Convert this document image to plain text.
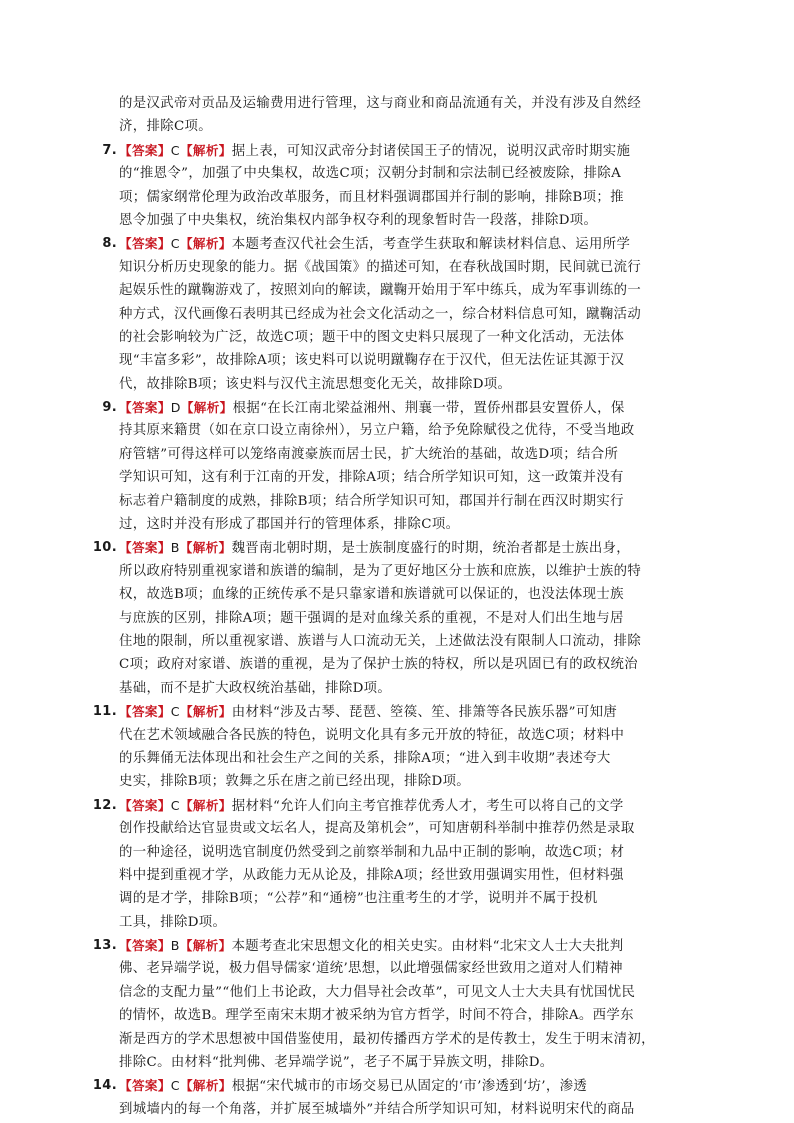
的是汉武帝对贡品及运输费用进行管理，这与商业和商品流通有关，并没有涉及自然经
济，排除C项。
7. 【答案】C【解析】据上表，可知汉武帝分封诸侯国王子的情况，说明汉武帝时期实施
的“推恩令”，加强了中央集权，故选C项；汉朝分封制和宗法制已经被废除，排除A
项；儒家纲常伦理为政治改革服务，而且材料强调郡国并行制的影响，排除B项；推
恩令加强了中央集权，统治集权内部争权夺利的现象暂时告一段落，排除D项。
8. 【答案】C【解析】本题考查汉代社会生活，考查学生获取和解读材料信息、运用所学
知识分析历史现象的能力。据《战国策》的描述可知，在春秋战国时期，民间就已流行
起娱乐性的蹴鞠游戏了，按照刘向的解读，蹴鞠开始用于军中练兵，成为军事训练的一
种方式，汉代画像石表明其已经成为社会文化活动之一，综合材料信息可知，蹴鞠活动
的社会影响较为广泛，故选C项；题干中的图文史料只展现了一种文化活动，无法体
现“丰富多彩”，故排除A项；该史料可以说明蹴鞠存在于汉代，但无法佐证其源于汉
代，故排除B项；该史料与汉代主流思想变化无关，故排除D项。
9. 【答案】D【解析】根据“在长江南北梁益湘州、荆襄一带，置侨州郡县安置侨人，保
持其原来籍贯（如在京口设立南徐州），另立户籍，给予免除赋役之优待，不受当地政
府管辖”可得这样可以笼络南渡豪族而居士民，扩大统治的基础，故选D项；结合所
学知识可知，这有利于江南的开发，排除A项；结合所学知识可知，这一政策并没有
标志着户籍制度的成熟，排除B项；结合所学知识可知，郡国并行制在西汉时期实行
过，这时并没有形成了郡国并行的管理体系，排除C项。
10. 【答案】B【解析】魏晋南北朝时期，是士族制度盛行的时期，统治者都是士族出身，
所以政府特别重视家谱和族谱的编制，是为了更好地区分士族和庶族，以维护士族的特
权，故选B项；血缘的正统传承不是只靠家谱和族谱就可以保证的，也没法体现士族
与庶族的区别，排除A项；题干强调的是对血缘关系的重视，不是对人们出生地与居
住地的限制，所以重视家谱、族谱与人口流动无关，上述做法没有限制人口流动，排除
C项；政府对家谱、族谱的重视，是为了保护士族的特权，所以是巩固已有的政权统治
基础，而不是扩大政权统治基础，排除D项。
11. 【答案】C【解析】由材料“涉及古琴、琵琶、箜篌、笙、排箫等各民族乐器”可知唐
代在艺术领域融合各民族的特色，说明文化具有多元开放的特征，故选C项；材料中
的乐舞俑无法体现出和社会生产之间的关系，排除A项；“进入到丰收期”表述夸大
史实，排除B项；敦舞之乐在唐之前已经出现，排除D项。
12. 【答案】C【解析】据材料“允许人们向主考官推荐优秀人才，考生可以将自己的文学
创作投献给达官显贵或文坛名人，提高及第机会”，可知唐朝科举制中推荐仍然是录取
的一种途径，说明选官制度仍然受到之前察举制和九品中正制的影响，故选C项；材
料中提到重视才学，从政能力无从论及，排除A项；经世致用强调实用性，但材料强
调的是才学，排除B项；“公荐”和“通榜”也注重考生的才学，说明并不属于投机
工具，排除D项。
13. 【答案】B【解析】本题考查北宋思想文化的相关史实。由材料“北宋文人士大夫批判
佛、老异端学说，极力倡导儒家‘道统’思想，以此增强儒家经世致用之道对人们精神
信念的支配力量”“他们上书论政，大力倡导社会改革”，可见文人士大夫具有忧国忧民
的情怀，故选B。理学至南宋末期才被采纳为官方哲学，时间不符合，排除A。西学东
渐是西方的学术思想被中国借鉴使用，最初传播西方学术的是传教士，发生于明末清初，
排除C。由材料“批判佛、老异端学说”，老子不属于异族文明，排除D。
14. 【答案】C【解析】根据“宋代城市的市场交易已从固定的‘市’渗透到‘坊’，渗透
到城墙内的每一个角落，并扩展至城墙外”并结合所学知识可知，材料说明宋代的商品
